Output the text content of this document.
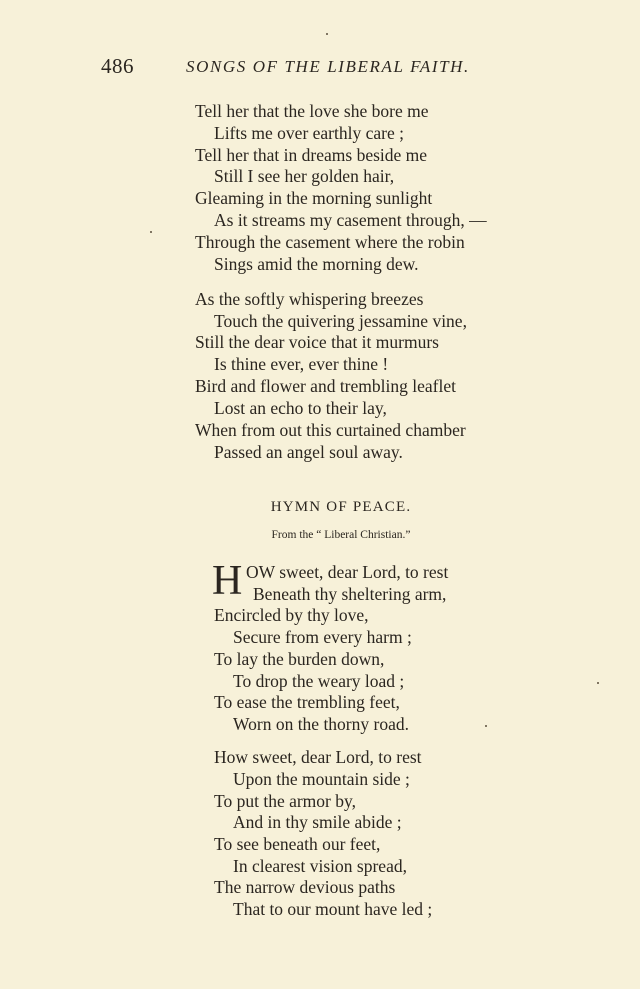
486	SONGS OF THE LIBERAL FAITH.
Tell her that the love she bore me
Lifts me over earthly care ;
Tell her that in dreams beside me
Still I see her golden hair,
Gleaming in the morning sunlight
As it streams my casement through, —
Through the casement where the robin
Sings amid the morning dew.
As the softly whispering breezes
Touch the quivering jessamine vine,
Still the dear voice that it murmurs
Is thine ever, ever thine !
Bird and flower and trembling leaflet
Lost an echo to their lay,
When from out this curtained chamber
Passed an angel soul away.
HYMN OF PEACE.
From the “ Liberal Christian.”
H OW sweet, dear Lord, to rest
Beneath thy sheltering arm,
Encircled by thy love,
Secure from every harm ;
To lay the burden down,
To drop the weary load ;
To ease the trembling feet,
Worn on the thorny road.
How sweet, dear Lord, to rest
Upon the mountain side ;
To put the armor by,
And in thy smile abide ;
To see beneath our feet,
In clearest vision spread,
The narrow devious paths
That to our mount have led ;
